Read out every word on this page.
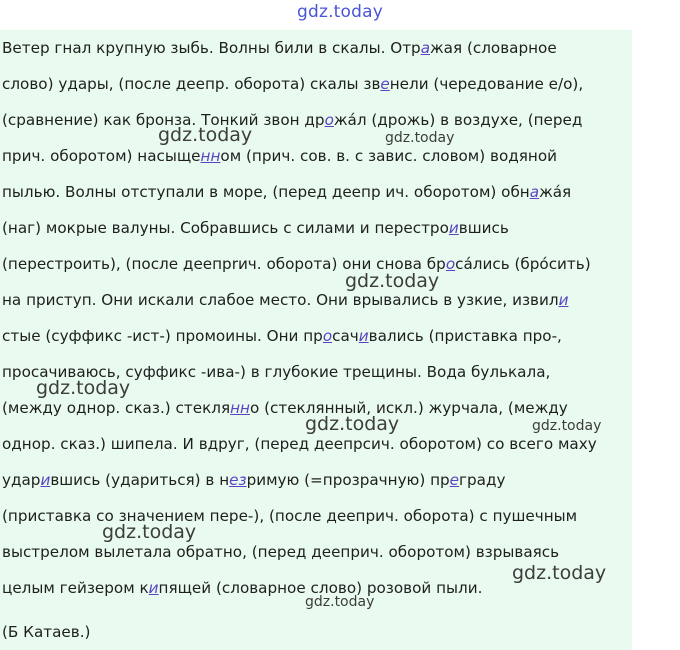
gdz.today
Ветер гнал крупную зыбь. Волны били в скалы. Отражая (словарное
слово) удары, (после деепр. оборота) скалы звенели (чередование е/о),
(сравнение) как бронза. Тонкий звон дрожа́л (дрожь) в воздухе, (перед
прич. оборотом) насыщенном (прич. сов. в. с завис. словом) водяной
пылью. Волны отступали в море, (перед деепр ич. оборотом) обнажа́я
(наг) мокрые валуны. Собравшись с силами и перестроившись
(перестроить), (после деепрrич. оборота) они снова броса́лись (бро́сить)
на приступ. Они искали слабое место. Они врывались в узкие, извили
стые (суффикс -ист-) промоины. Они просачивались (приставка про-,
просачиваюсь, суффикс -ива-) в глубокие трещины. Вода булькала,
(между однор. сказ.) стеклянно (стеклянный, искл.) журчала, (между
однор. сказ.) шипела. И вдруг, (перед деепрcич. оборотом) со всего маху
ударившись (удариться) в незримую (=прозрачную) преграду
(приставка со значением пере-), (после дееприч. оборота) с пушечным
выстрелом вылетала обратно, (перед дееприч. оборотом) взрываясь
целым гейзером кипящей (словарное слово) розовой пыли.
(Б Катаев.)
gdz.today	gdz.today
gdz.today
gdz.today
gdz.today	gdz.today
gdz.today
gdz.today
gdz.today
